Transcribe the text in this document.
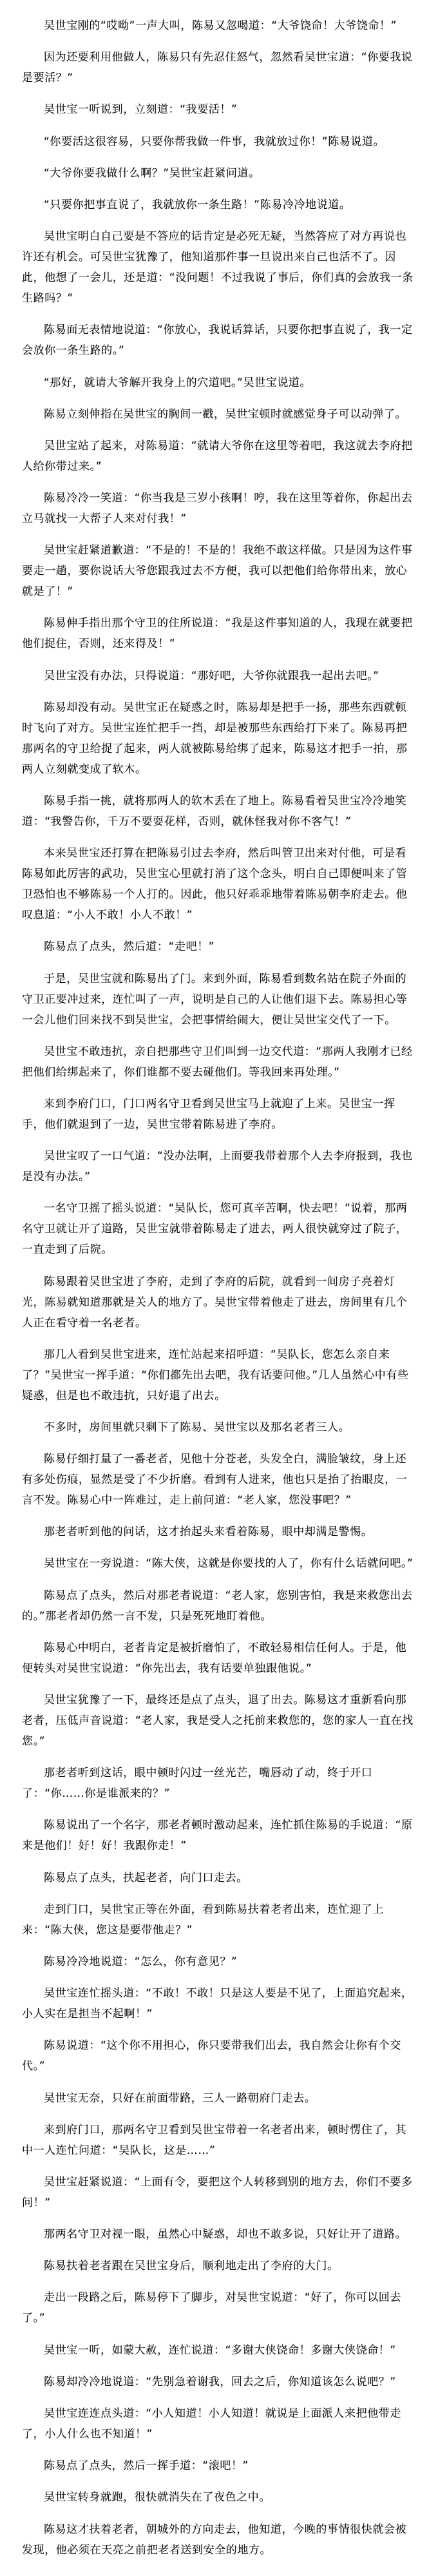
吴世宝刚的“哎呦”一声大叫，陈易又忽喝道：“大爷饶命！大爷饶命！”

因为还要利用他做人，陈易只有先忍住怒气，忽然看吴世宝道：“你要我说是要活？”

吴世宝一听说到，立刻道：“我要活！”

“你要活这很容易，只要你帮我做一件事，我就放过你！”陈易说道。

“大爷你要我做什么啊？”吴世宝赶紧问道。

“只要你把事直说了，我就放你一条生路！”陈易冷冷地说道。

吴世宝明白自己要是不答应的话肯定是必死无疑，当然答应了对方再说也许还有机会。可吴世宝犹豫了，他知道那件事一旦说出来自己也活不了。因此，他想了一会儿，还是道：“没问题！不过我说了事后，你们真的会放我一条生路吗？”

陈易面无表情地说道：“你放心，我说话算话，只要你把事直说了，我一定会放你一条生路的。”

“那好，就请大爷解开我身上的穴道吧。”吴世宝说道。

陈易立刻伸指在吴世宝的胸间一戳，吴世宝顿时就感觉身子可以动弹了。

吴世宝站了起来，对陈易道：“就请大爷你在这里等着吧，我这就去李府把人给你带过来。”

陈易冷冷一笑道：“你当我是三岁小孩啊！哼，我在这里等着你，你起出去立马就找一大帮子人来对付我！”

吴世宝赶紧道歉道：“不是的！不是的！我绝不敢这样做。只是因为这件事要走一趟，要你说话大爷您跟我过去不方便，我可以把他们给你带出来，放心就是了！”

陈易伸手指出那个守卫的住所说道：“我是这件事知道的人，我现在就要把他们捉住，否则，还来得及！”

吴世宝没有办法，只得说道：“那好吧，大爷你就跟我一起出去吧。”

陈易却没有动。吴世宝正在疑惑之时，陈易却是把手一扬，那些东西就顿时飞向了对方。吴世宝连忙把手一挡，却是被那些东西给打下来了。陈易再把那两名的守卫给捉了起来，两人就被陈易给绑了起来，陈易这才把手一拍，那两人立刻就变成了软木。

陈易手指一挑，就将那两人的软木丢在了地上。陈易看着吴世宝冷冷地笑道：“我警告你，千万不要耍花样，否则，就休怪我对你不客气！”

本来吴世宝还打算在把陈易引过去李府，然后叫管卫出来对付他，可是看陈易如此厉害的武功，吴世宝心里就打消了这个念头，明白自己即便叫来了管卫恐怕也不够陈易一个人打的。因此，他只好乖乖地带着陈易朝李府走去。他叹息道：“小人不敢！小人不敢！”

陈易点了点头，然后道：“走吧！”

于是，吴世宝就和陈易出了门。来到外面，陈易看到数名站在院子外面的守卫正要冲过来，连忙叫了一声，说明是自己的人让他们退下去。陈易担心等一会儿他们回来找不到吴世宝，会把事情给闹大，便让吴世宝交代了一下。

吴世宝不敢违抗，亲自把那些守卫们叫到一边交代道：“那两人我刚才已经把他们给绑起来了，你们谁都不要去碰他们。等我回来再处理。”

来到李府门口，门口两名守卫看到吴世宝马上就迎了上来。吴世宝一挥手，他们就退到了一边，吴世宝带着陈易进了李府。

吴世宝叹了一口气道：“没办法啊，上面要我带着那个人去李府报到，我也是没有办法。”

一名守卫摇了摇头说道：“吴队长，您可真辛苦啊，快去吧！”说着，那两名守卫就让开了道路，吴世宝就带着陈易走了进去，两人很快就穿过了院子，一直走到了后院。

陈易跟着吴世宝进了李府，走到了李府的后院，就看到一间房子亮着灯光，陈易就知道那就是关人的地方了。吴世宝带着他走了进去，房间里有几个人正在看守着一名老者。

那几人看到吴世宝进来，连忙站起来招呼道：“吴队长，您怎么亲自来了？”吴世宝一挥手道：“你们都先出去吧，我有话要问他。”几人虽然心中有些疑惑，但是也不敢违抗，只好退了出去。

不多时，房间里就只剩下了陈易、吴世宝以及那名老者三人。

陈易仔细打量了一番老者，见他十分苍老，头发全白，满脸皱纹，身上还有多处伤痕，显然是受了不少折磨。看到有人进来，他也只是抬了抬眼皮，一言不发。陈易心中一阵难过，走上前问道：“老人家，您没事吧？”

那老者听到他的问话，这才抬起头来看着陈易，眼中却满是警惕。

吴世宝在一旁说道：“陈大侠，这就是你要找的人了，你有什么话就问吧。”

陈易点了点头，然后对那老者说道：“老人家，您别害怕，我是来救您出去的。”那老者却仍然一言不发，只是死死地盯着他。

陈易心中明白，老者肯定是被折磨怕了，不敢轻易相信任何人。于是，他便转头对吴世宝说道：“你先出去，我有话要单独跟他说。”

吴世宝犹豫了一下，最终还是点了点头，退了出去。陈易这才重新看向那老者，压低声音说道：“老人家，我是受人之托前来救您的，您的家人一直在找您。”

那老者听到这话，眼中顿时闪过一丝光芒，嘴唇动了动，终于开口了：“你……你是谁派来的？”

陈易说出了一个名字，那老者顿时激动起来，连忙抓住陈易的手说道：“原来是他们！好！好！我跟你走！”

陈易点了点头，扶起老者，向门口走去。

走到门口，吴世宝正等在外面，看到陈易扶着老者出来，连忙迎了上来：“陈大侠，您这是要带他走？”

陈易冷冷地说道：“怎么，你有意见？”

吴世宝连忙摇头道：“不敢！不敢！只是这人要是不见了，上面追究起来，小人实在是担当不起啊！”

陈易说道：“这个你不用担心，你只要带我们出去，我自然会让你有个交代。”

吴世宝无奈，只好在前面带路，三人一路朝府门走去。

来到府门口，那两名守卫看到吴世宝带着一名老者出来，顿时愣住了，其中一人连忙问道：“吴队长，这是……”

吴世宝赶紧说道：“上面有令，要把这个人转移到别的地方去，你们不要多问！”

那两名守卫对视一眼，虽然心中疑惑，却也不敢多说，只好让开了道路。

陈易扶着老者跟在吴世宝身后，顺利地走出了李府的大门。

走出一段路之后，陈易停下了脚步，对吴世宝说道：“好了，你可以回去了。”

吴世宝一听，如蒙大赦，连忙说道：“多谢大侠饶命！多谢大侠饶命！”

陈易却冷冷地说道：“先别急着谢我，回去之后，你知道该怎么说吧？”

吴世宝连连点头道：“小人知道！小人知道！就说是上面派人来把他带走了，小人什么也不知道！”

陈易点了点头，然后一挥手道：“滚吧！”

吴世宝转身就跑，很快就消失在了夜色之中。

陈易这才扶着老者，朝城外的方向走去，他知道，今晚的事情很快就会被发现，他必须在天亮之前把老者送到安全的地方。
